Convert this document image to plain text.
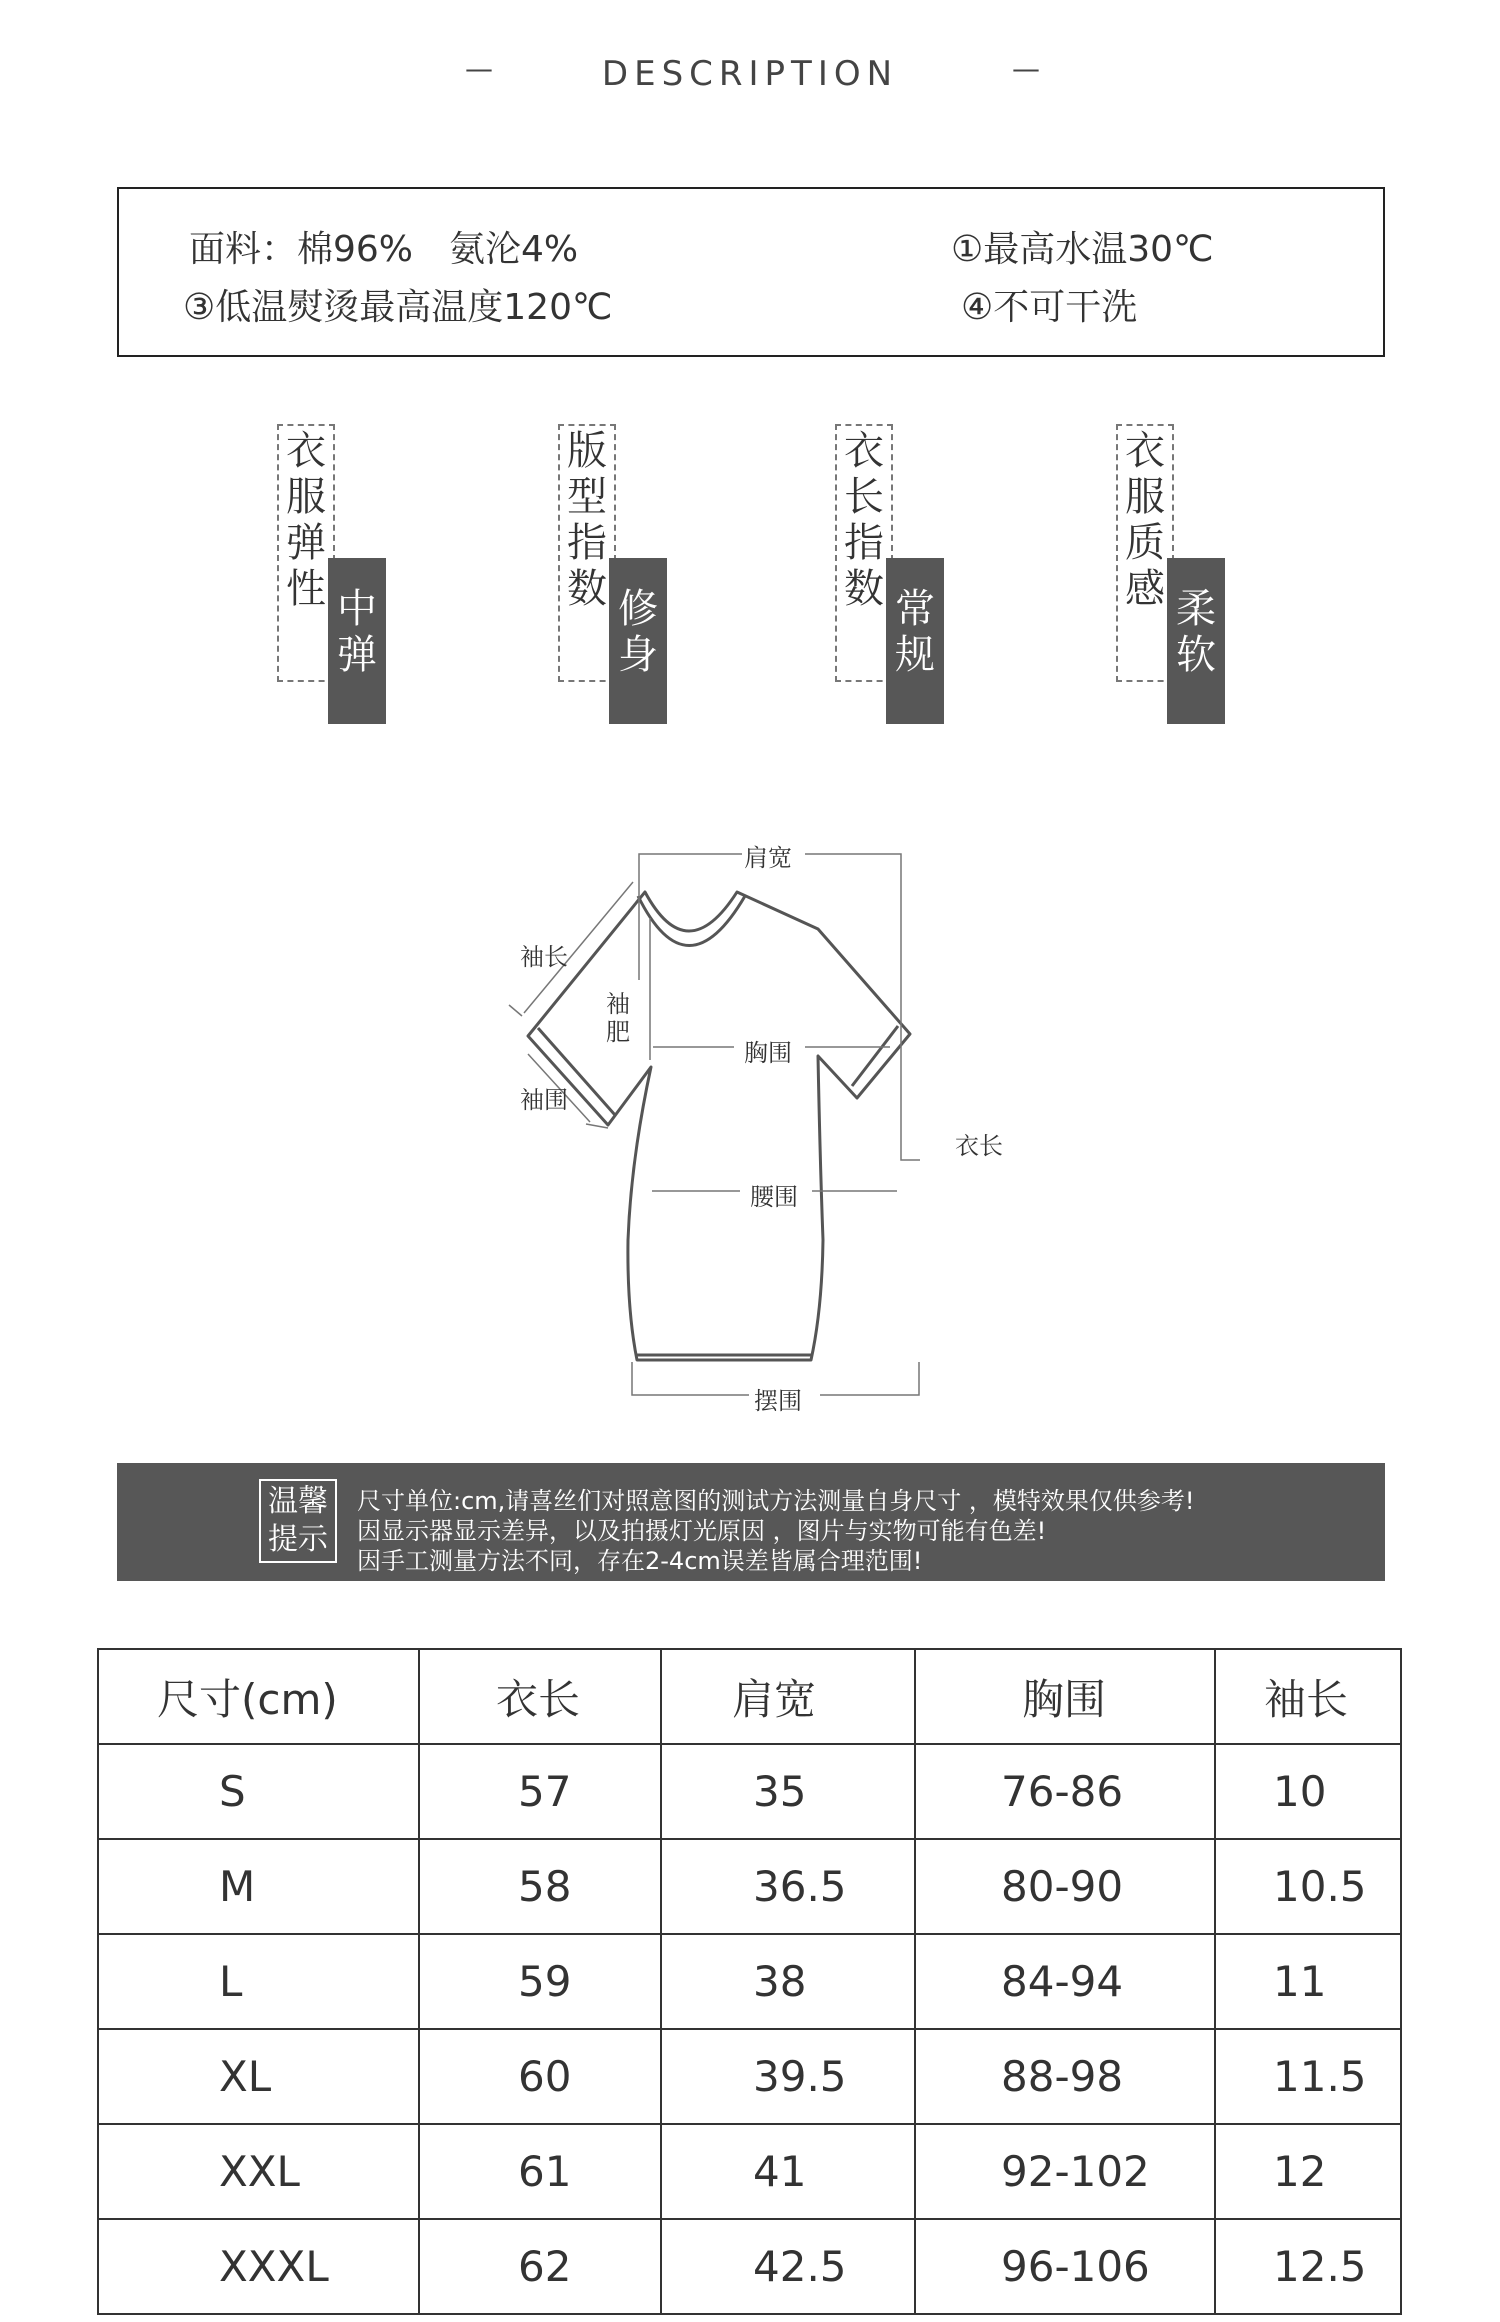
—	DESCRIPTION	—
面料：棉96%　氨沦4%	①最高水温30℃
③低温熨烫最高温度120℃	④不可干洗
衣服弹性 中弹
版型指数 修身
衣长指数 常规
衣服质感 柔软
肩宽
袖长
袖肥
袖围
胸围
衣长
腰围
摆围
温馨
提示
尺寸单位:cm,请喜丝们对照意图的测试方法测量自身尺寸 ，模特效果仅供参考!
因显示器显示差异，以及拍摄灯光原因 ，图片与实物可能有色差!
因手工测量方法不同，存在2-4cm误差皆属合理范围!
尺寸(cm)	衣长	肩宽	胸围	袖长
S	57	35	76-86	10
M	58	36.5	80-90	10.5
L	59	38	84-94	11
XL	60	39.5	88-98	11.5
XXL	61	41	92-102	12
XXXL	62	42.5	96-106	12.5
